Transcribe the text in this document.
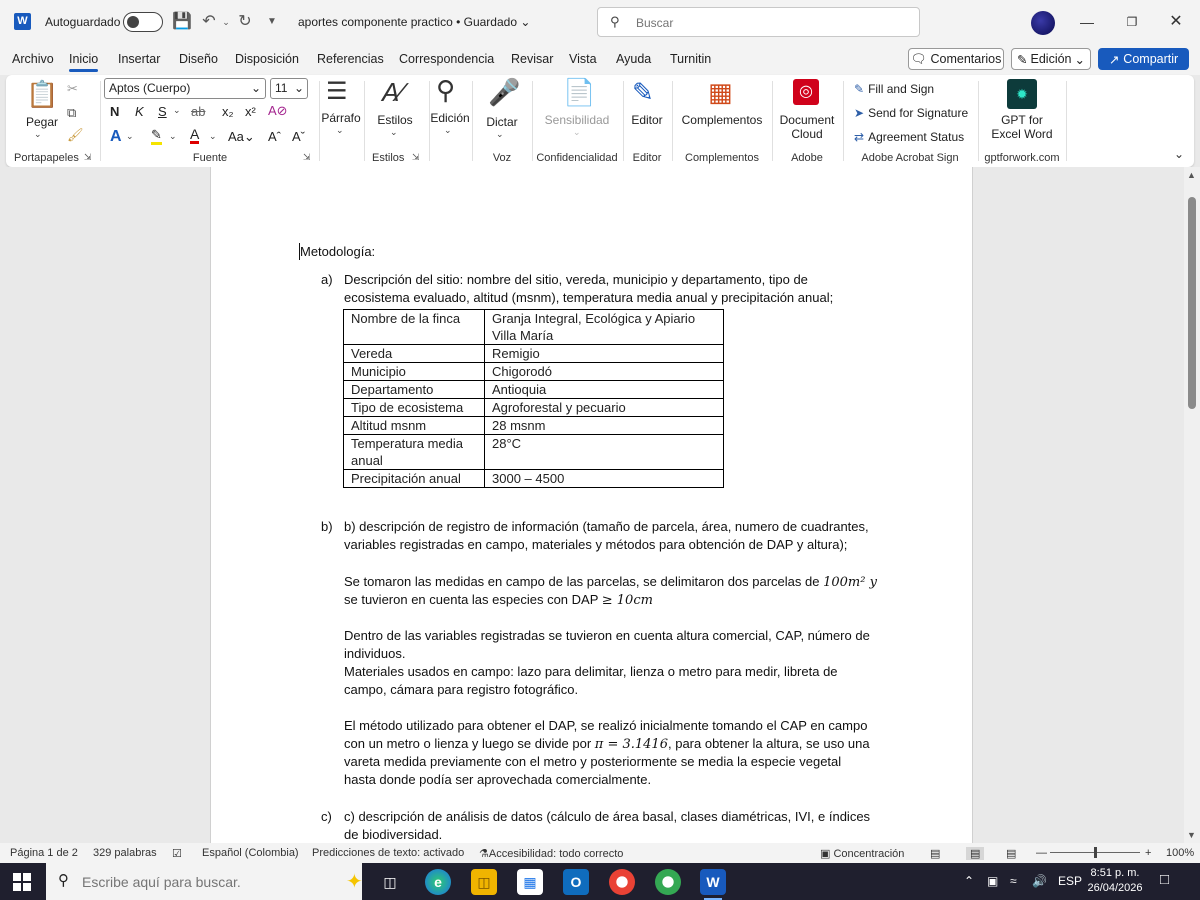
W Autoguardado	💾 ↶ ⌄ ↻	▼	aportes componente practico • Guardado ⌄	⚲
Buscar	—	❐	✕
Archivo Inicio Insertar Diseño Disposición Referencias Correspondencia Revisar Vista Ayuda Turnitin	🗨 Comentarios ✎ Edición ⌄ ↗ Compartir
📋
Pegar
⌄
✂
⧉
🖌
Portapapeles ⇲
Aptos (Cuerpo)	⌄	11 ⌄
N K S ⌄ ab x₂ x² A⊘
A ⌄ ✎ ⌄ A ⌄ Aa⌄ Aˆ Aˇ
Fuente	⇲
☰
Párrafo
⌄
A∕
Estilos
⌄
Estilos ⇲
⚲
Edición
⌄
🎤
Dictar
⌄
Voz
📄
Sensibilidad
⌄
Confidencialidad
✎
Editor
Editor
▦
Complementos
Complementos
◎
Document
Cloud
Adobe
✎ Fill and Sign
➤ Send for Signature
⇄ Agreement Status
Adobe Acrobat Sign
✹
GPT for
Excel Word
gptforwork.com	⌄
Metodología:
a) Descripción del sitio: nombre del sitio, vereda, municipio y departamento, tipo de
ecosistema evaluado, altitud (msnm), temperatura media anual y precipitación anual;
Nombre de la finca	Granja Integral, Ecológica y Apiario Villa María
Vereda	Remigio
Municipio	Chigorodó
Departamento	Antioquia
Tipo de ecosistema	Agroforestal y pecuario
Altitud msnm	28 msnm
Temperatura media anual	28°C
Precipitación anual	3000 – 4500
b) b) descripción de registro de información (tamaño de parcela, área, numero de cuadrantes,
variables registradas en campo, materiales y métodos para obtención de DAP y altura);
Se tomaron las medidas en campo de las parcelas, se delimitaron dos parcelas de 100m² y
se tuvieron en cuenta las especies con DAP ≥ 10cm
Dentro de las variables registradas se tuvieron en cuenta altura comercial, CAP, número de
individuos.
Materiales usados en campo: lazo para delimitar, lienza o metro para medir, libreta de
campo, cámara para registro fotográfico.
El método utilizado para obtener el DAP, se realizó inicialmente tomando el CAP en campo
con un metro o lienza y luego se divide por π = 3.1416, para obtener la altura, se uso una
vareta medida previamente con el metro y posteriormente se media la especie vegetal
hasta donde podía ser aprovechada comercialmente.
c) c) descripción de análisis de datos (cálculo de área basal, clases diamétricas, IVI, e índices
de biodiversidad.
▲
▼
Página 1 de 2 329 palabras ☑ Español (Colombia) Predicciones de texto: activado ⚗Accesibilidad: todo correcto	▣ Concentración ▤	▤	▤ —	+ 100%
⚲
Escribe aquí para buscar.	✦	◫	e	◫	▦	O	W	⌃ ▣ ≈ 🔊 ESP
8:51 p. m.
26/04/2026 □
